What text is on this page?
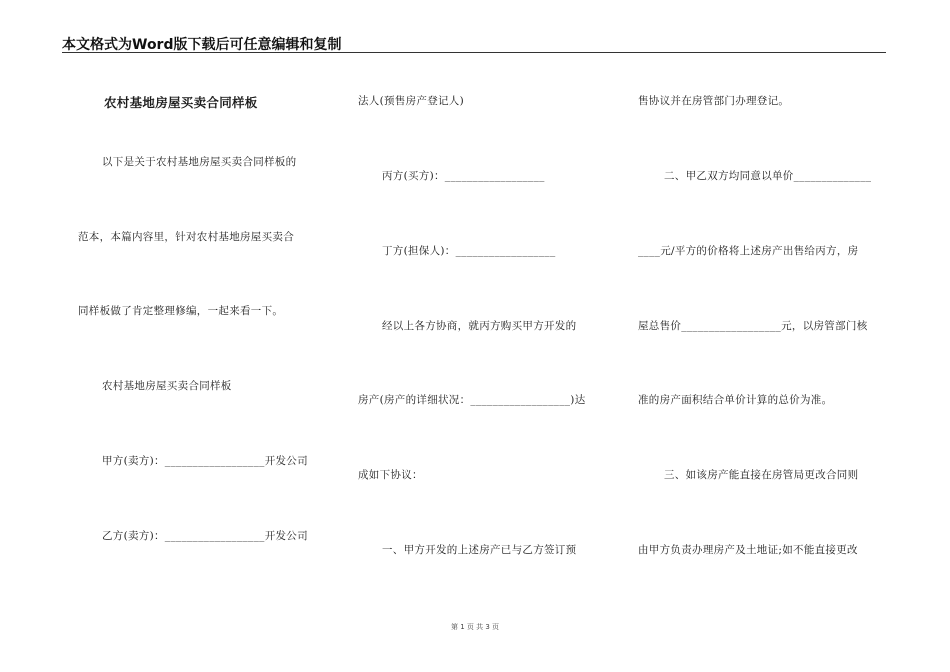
本文格式为Word版下载后可任意编辑和复制
农村基地房屋买卖合同样板
以下是关于农村基地房屋买卖合同样板的
范本，本篇内容里，针对农村基地房屋买卖合
同样板做了肯定整理修编，一起来看一下。
农村基地房屋买卖合同样板
甲方(卖方)：__________________开发公司
乙方(卖方)：__________________开发公司
法人(预售房产登记人)
丙方(买方)：__________________
丁方(担保人)：__________________
经以上各方协商，就丙方购买甲方开发的
房产(房产的详细状况：__________________)达
成如下协议：
一、甲方开发的上述房产已与乙方签订预
售协议并在房管部门办理登记。
二、甲乙双方均同意以单价______________
____元/平方的价格将上述房产出售给丙方，房
屋总售价__________________元，以房管部门核
准的房产面积结合单价计算的总价为准。
三、如该房产能直接在房管局更改合同则
由甲方负责办理房产及土地证;如不能直接更改
第 1 页 共 3 页
